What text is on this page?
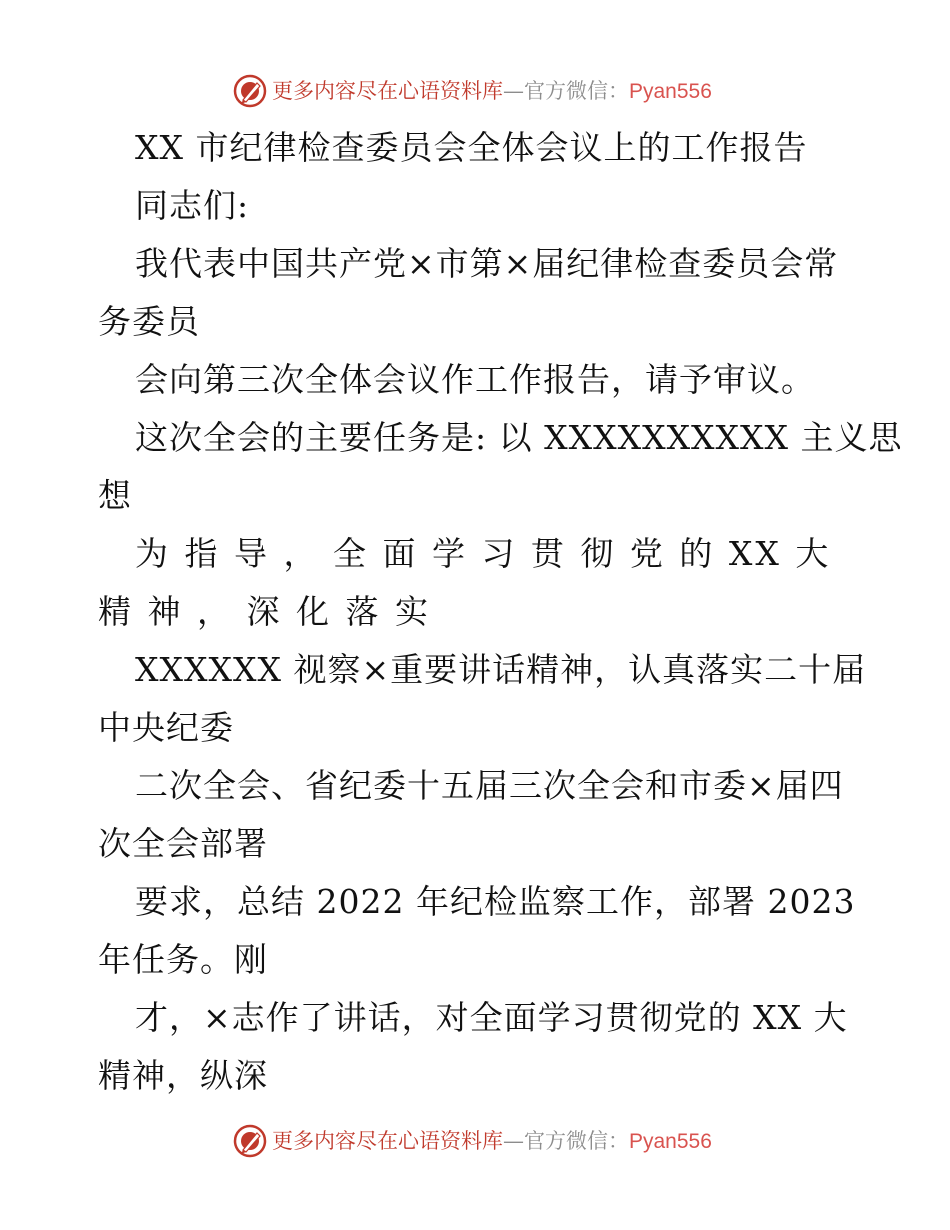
更多内容尽在心语资料库—官方微信：Pyan556
XX 市纪律检查委员会全体会议上的工作报告
同志们:
我代表中国共产党×市第×届纪律检查委员会常
务委员
会向第三次全体会议作工作报告，请予审议。
这次全会的主要任务是: 以 XXXXXXXXXX 主义思
想
为 指 导 ， 全 面 学 习 贯 彻 党 的 XX 大
精 神 ， 深 化 落 实
XXXXXX 视察×重要讲话精神，认真落实二十届
中央纪委
二次全会、省纪委十五届三次全会和市委×届四
次全会部署
要求，总结 2022 年纪检监察工作，部署 2023
年任务。刚
才，×志作了讲话，对全面学习贯彻党的 XX 大
精神，纵深
更多内容尽在心语资料库—官方微信：Pyan556
